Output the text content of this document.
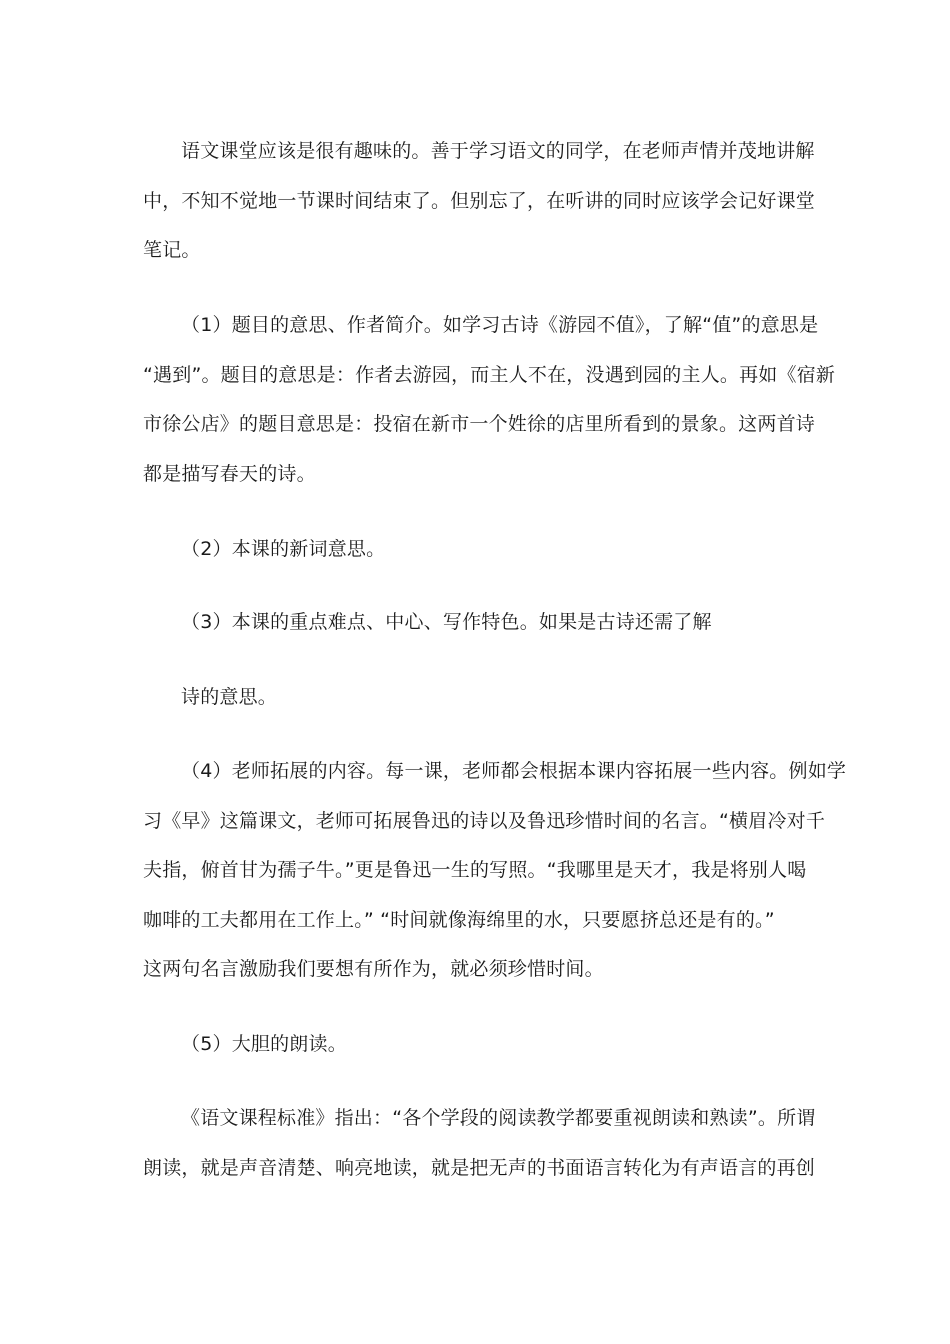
语文课堂应该是很有趣味的。善于学习语文的同学，在老师声情并茂地讲解

中，不知不觉地一节课时间结束了。但别忘了，在听讲的同时应该学会记好课堂

笔记。

（1）题目的意思、作者简介。如学习古诗《游园不值》，了解“值”的意思是

“遇到”。题目的意思是：作者去游园，而主人不在，没遇到园的主人。再如《宿新

市徐公店》的题目意思是：投宿在新市一个姓徐的店里所看到的景象。这两首诗

都是描写春天的诗。

（2）本课的新词意思。

（3）本课的重点难点、中心、写作特色。如果是古诗还需了解

诗的意思。

（4）老师拓展的内容。每一课，老师都会根据本课内容拓展一些内容。例如学

习《早》这篇课文，老师可拓展鲁迅的诗以及鲁迅珍惜时间的名言。“横眉冷对千

夫指，俯首甘为孺子牛。”更是鲁迅一生的写照。“我哪里是天才，我是将别人喝

咖啡的工夫都用在工作上。” “时间就像海绵里的水，只要愿挤总还是有的。”

这两句名言激励我们要想有所作为，就必须珍惜时间。

（5）大胆的朗读。

《语文课程标准》指出：“各个学段的阅读教学都要重视朗读和熟读”。所谓

朗读，就是声音清楚、响亮地读，就是把无声的书面语言转化为有声语言的再创
